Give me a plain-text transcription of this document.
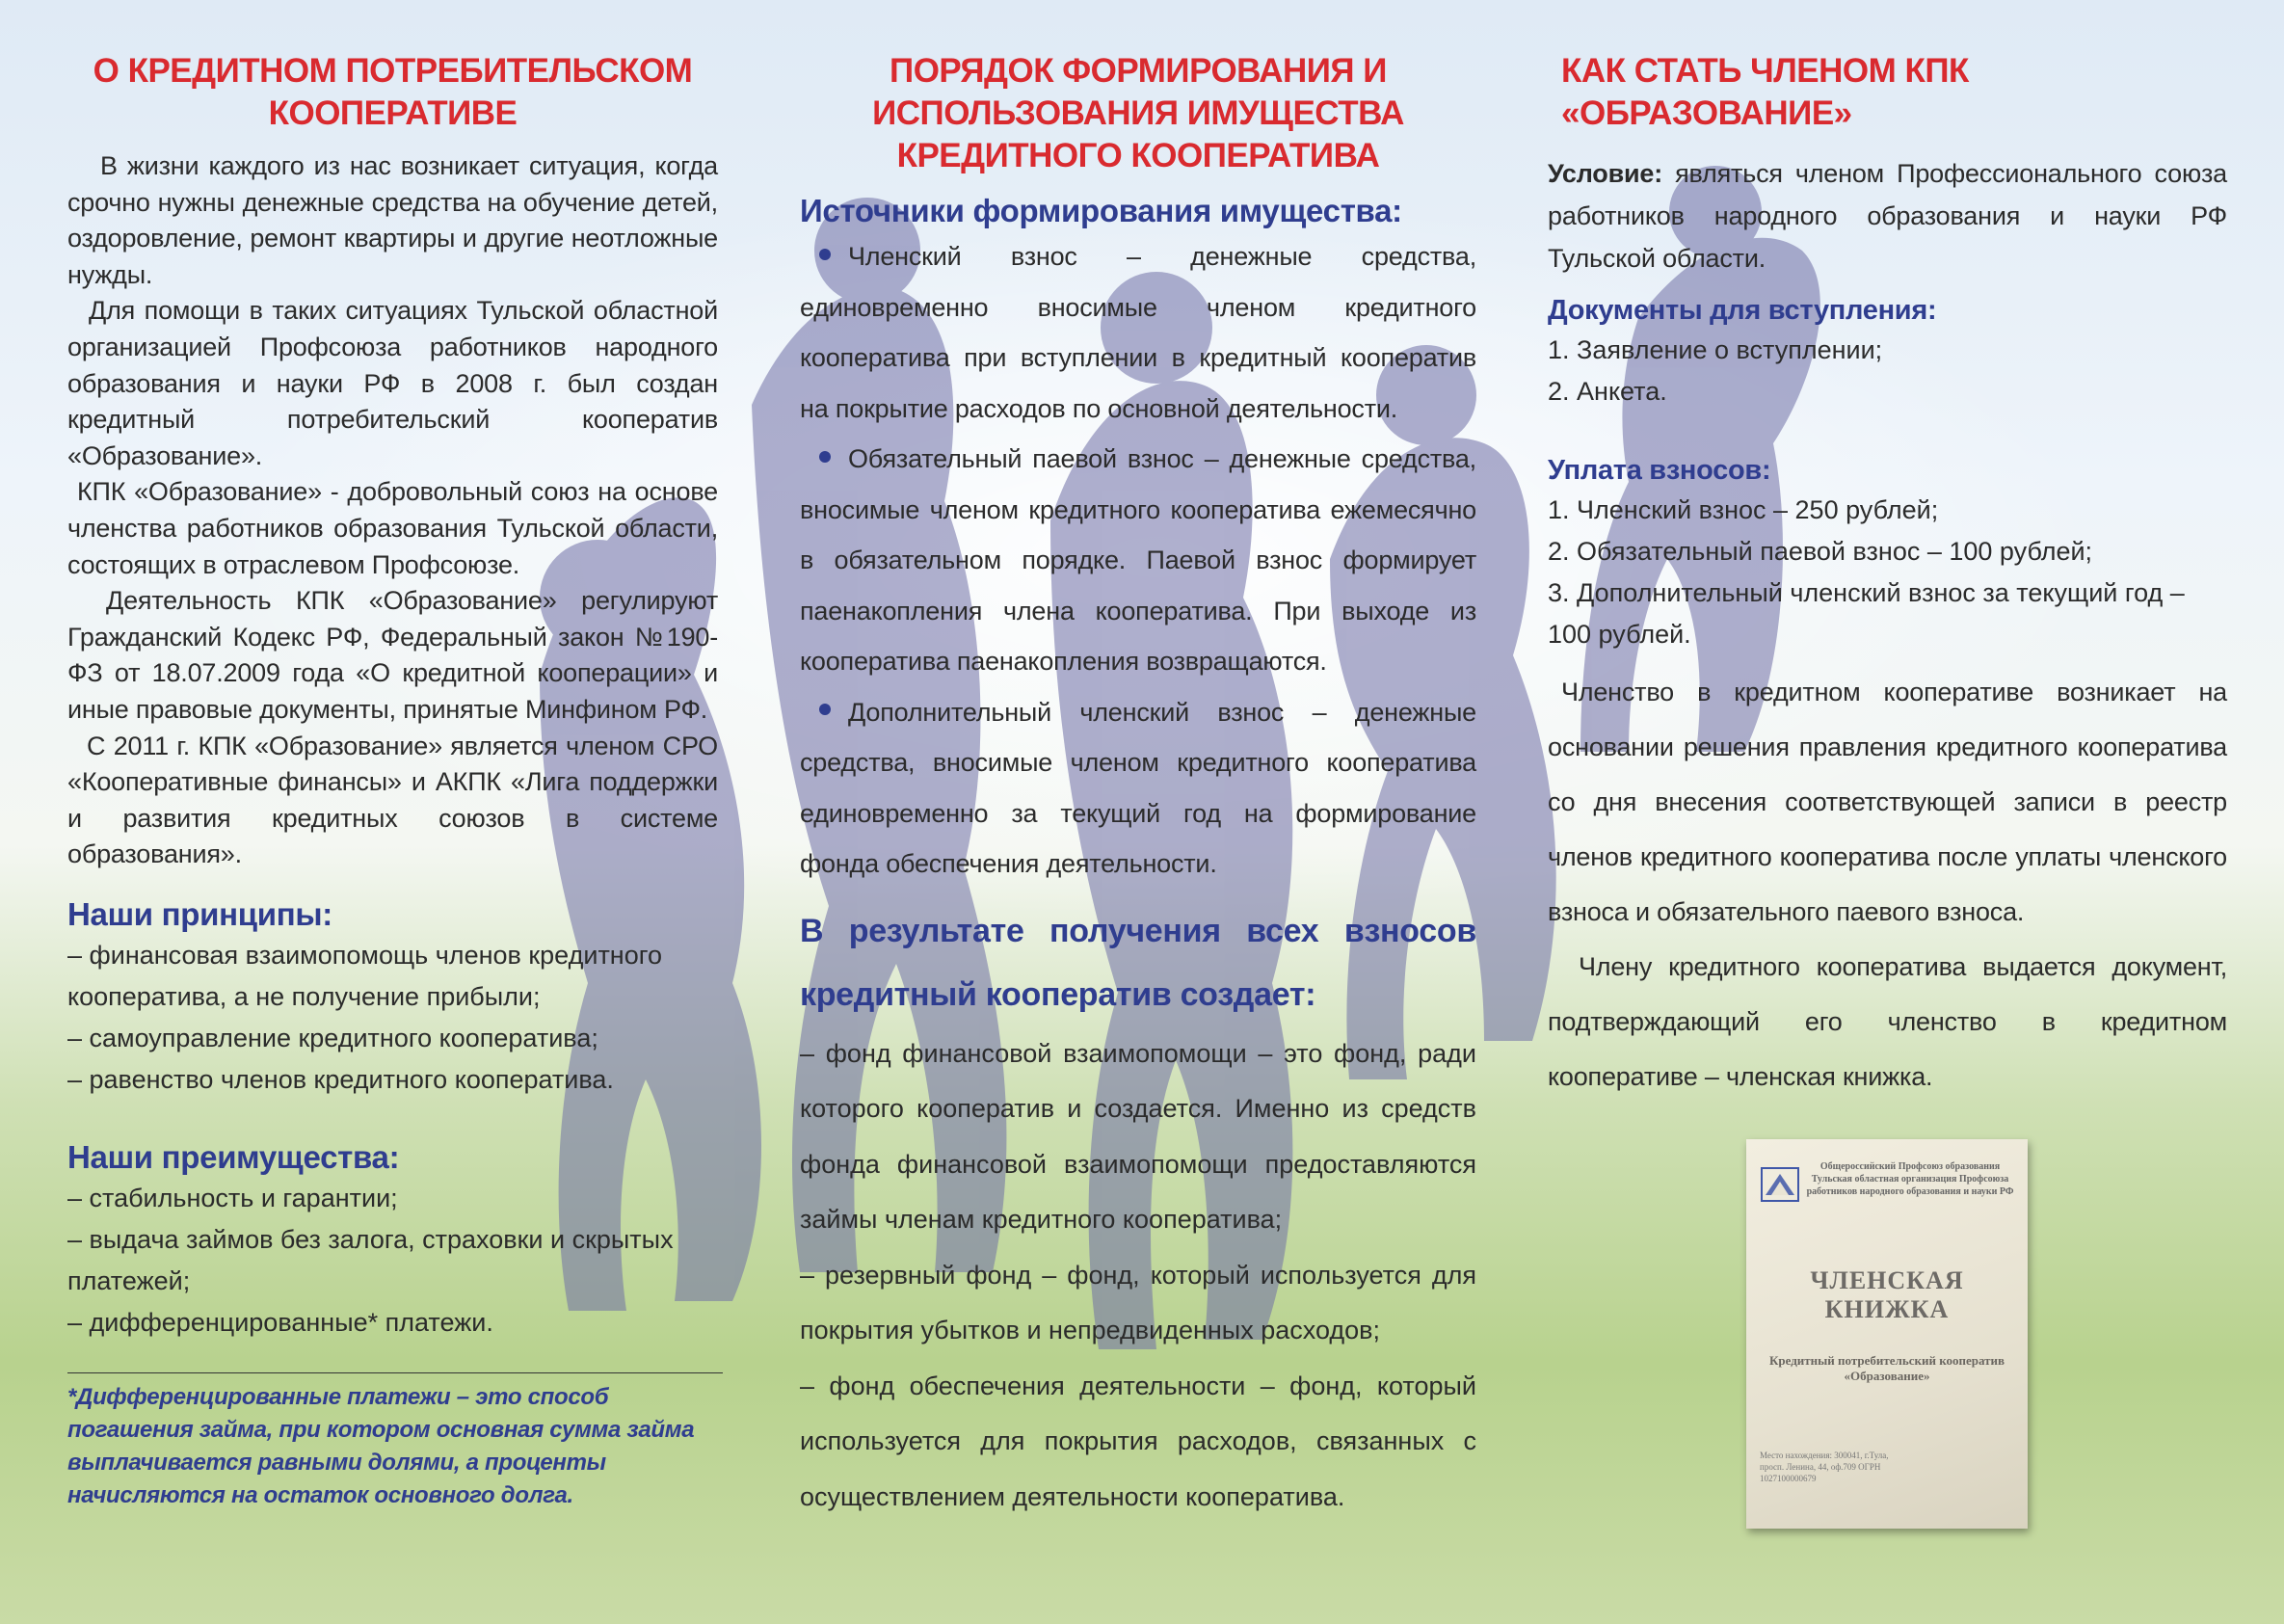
О КРЕДИТНОМ ПОТРЕБИТЕЛЬСКОМ КООПЕРАТИВЕ

В жизни каждого из нас возникает ситуация, когда срочно нужны денежные средства на обучение детей, оздоровление, ремонт квартиры и другие неотложные нужды.

Для помощи в таких ситуациях Тульской областной организацией Профсоюза работников народного образования и науки РФ в 2008 г. был создан кредитный потребительский кооператив «Образование».

КПК «Образование» - добровольный союз на основе членства работников образования Тульской области, состоящих в отраслевом Профсоюзе.

Деятельность КПК «Образование» регулируют Гражданский Кодекс РФ, Федеральный закон №190-ФЗ от 18.07.2009 года «О кредитной кооперации» и иные правовые документы, принятые Минфином РФ.

С 2011 г. КПК «Образование» является членом СРО «Кооперативные финансы» и АКПК «Лига поддержки и развития кредитных союзов в системе образования».

Наши принципы:
– финансовая взаимопомощь членов кредитного кооператива, а не получение прибыли;
– самоуправление кредитного кооператива;
– равенство членов кредитного кооператива.
Наши преимущества:
– стабильность и гарантии;
– выдача займов без залога, страховки и скрытых платежей;
– дифференцированные* платежи.
*Дифференцированные платежи – это способ погашения займа, при котором основная сумма займа выплачивается равными долями, а проценты начисляются на остаток основного долга.
ПОРЯДОК ФОРМИРОВАНИЯ И ИСПОЛЬЗОВАНИЯ ИМУЩЕСТВА КРЕДИТНОГО КООПЕРАТИВА
Источники формирования имущества:

Членский взнос – денежные средства, единовременно вносимые членом кредитного кооператива при вступлении в кредитный кооператив на покрытие расходов по основной деятельности.

Обязательный паевой взнос – денежные средства, вносимые членом кредитного кооператива ежемесячно в обязательном порядке. Паевой взнос формирует паенакопления члена кооператива. При выходе из кооператива паенакопления возвращаются.

Дополнительный членский взнос – денежные средства, вносимые членом кредитного кооператива единовременно за текущий год на формирование фонда обеспечения деятельности.

В результате получения всех взносов кредитный кооператив создает:
– фонд финансовой взаимопомощи – это фонд, ради которого кооператив и создается. Именно из средств фонда финансовой взаимопомощи предоставляются займы членам кредитного кооператива;
– резервный фонд – фонд, который используется для покрытия убытков и непредвиденных расходов;
– фонд обеспечения деятельности – фонд, который используется для покрытия расходов, связанных с осуществлением деятельности кооператива.
КАК СТАТЬ ЧЛЕНОМ КПК «ОБРАЗОВАНИЕ»

Условие: являться членом Профессионального союза работников народного образования и науки РФ Тульской области.

Документы для вступления:
1. Заявление о вступлении;
2. Анкета.
Уплата взносов:
1. Членский взнос – 250 рублей;
2. Обязательный паевой взнос – 100 рублей;
3. Дополнительный членский взнос за текущий год – 100 рублей.

Членство в кредитном кооперативе возникает на основании решения правления кредитного кооператива со дня внесения соответствующей записи в реестр членов кредитного кооператива после уплаты членского взноса и обязательного паевого взноса.

Члену кредитного кооператива выдается документ, подтверждающий его членство в кредитном кооперативе – членская книжка.

Общероссийский Профсоюз образования Тульская областная организация Профсоюза работников народного образования и науки РФ
ЧЛЕНСКАЯ
КНИЖКА
Кредитный потребительский кооператив «Образование»
Место нахождения: 300041, г.Тула, просп. Ленина, 44, оф.709 ОГРН 1027100000679
